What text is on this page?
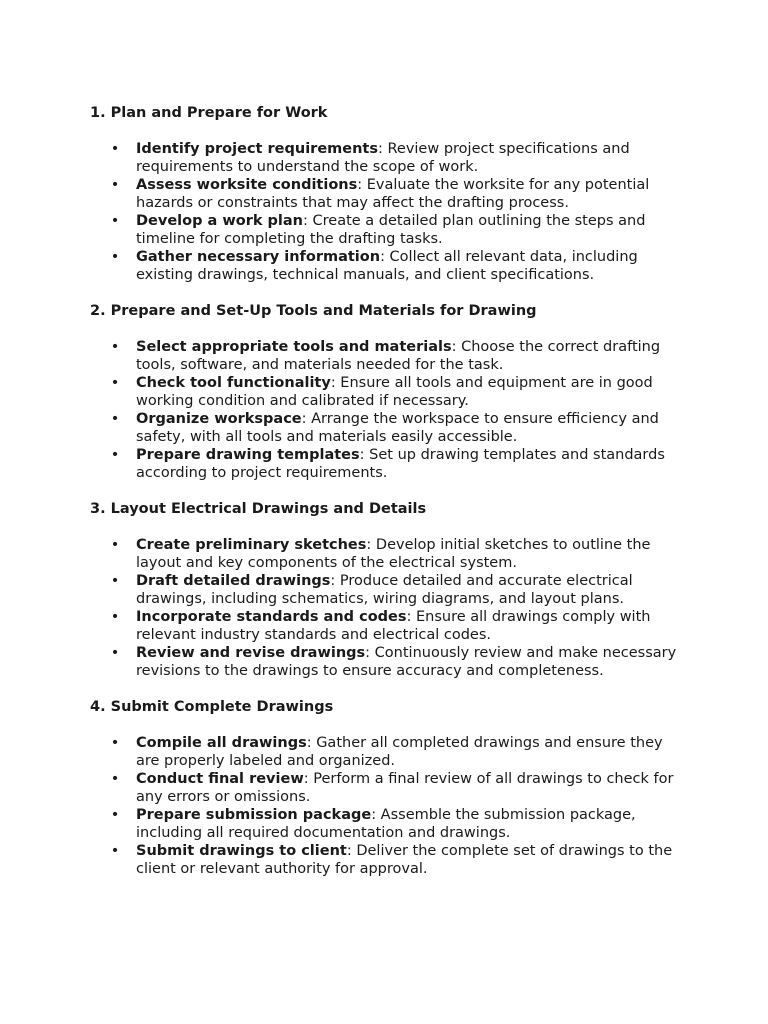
1. Plan and Prepare for Work

• Identify project requirements: Review project specifications and requirements to understand the scope of work.
• Assess worksite conditions: Evaluate the worksite for any potential hazards or constraints that may affect the drafting process.
• Develop a work plan: Create a detailed plan outlining the steps and timeline for completing the drafting tasks.
• Gather necessary information: Collect all relevant data, including existing drawings, technical manuals, and client specifications.

2. Prepare and Set-Up Tools and Materials for Drawing

• Select appropriate tools and materials: Choose the correct drafting tools, software, and materials needed for the task.
• Check tool functionality: Ensure all tools and equipment are in good working condition and calibrated if necessary.
• Organize workspace: Arrange the workspace to ensure efficiency and safety, with all tools and materials easily accessible.
• Prepare drawing templates: Set up drawing templates and standards according to project requirements.

3. Layout Electrical Drawings and Details

• Create preliminary sketches: Develop initial sketches to outline the layout and key components of the electrical system.
• Draft detailed drawings: Produce detailed and accurate electrical drawings, including schematics, wiring diagrams, and layout plans.
• Incorporate standards and codes: Ensure all drawings comply with relevant industry standards and electrical codes.
• Review and revise drawings: Continuously review and make necessary revisions to the drawings to ensure accuracy and completeness.

4. Submit Complete Drawings

• Compile all drawings: Gather all completed drawings and ensure they are properly labeled and organized.
• Conduct final review: Perform a final review of all drawings to check for any errors or omissions.
• Prepare submission package: Assemble the submission package, including all required documentation and drawings.
• Submit drawings to client: Deliver the complete set of drawings to the client or relevant authority for approval.
